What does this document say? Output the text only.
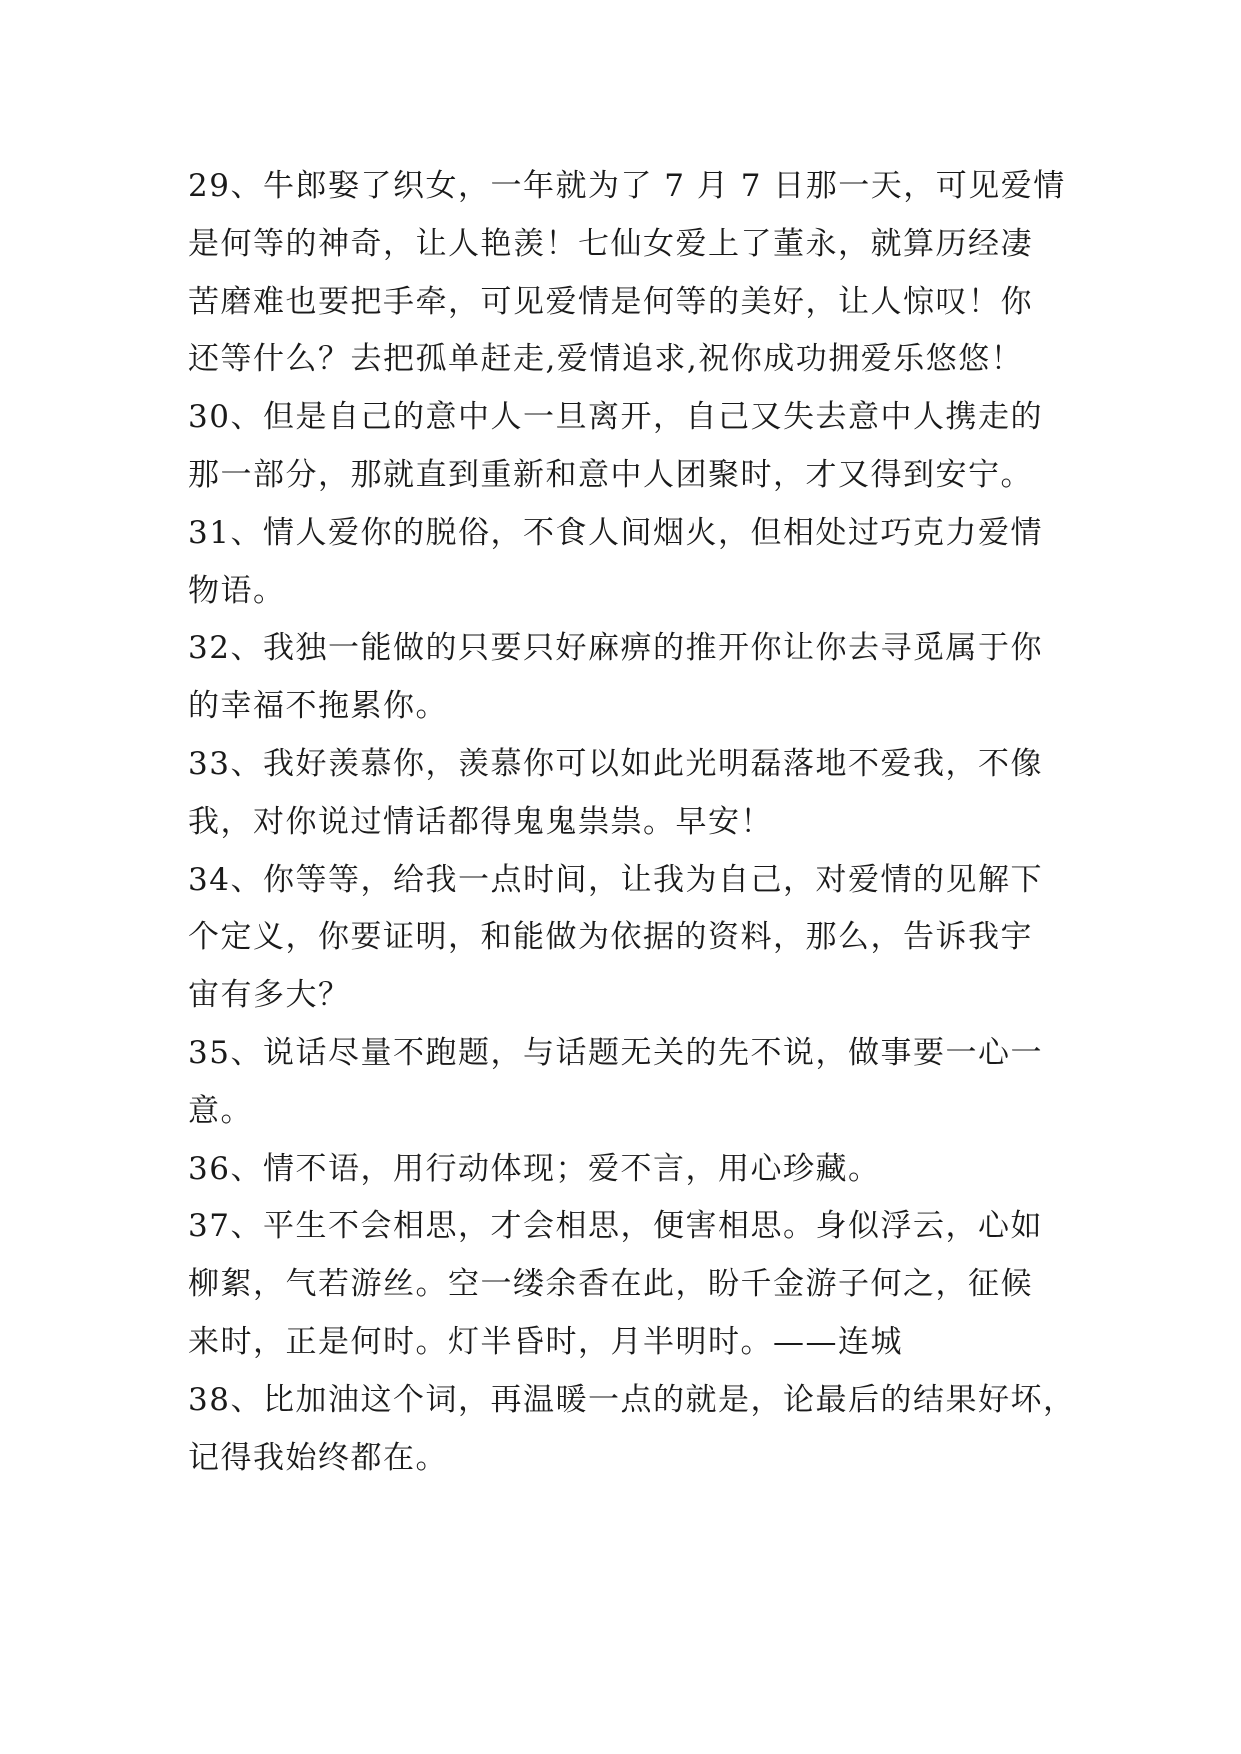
29、牛郎娶了织女，一年就为了 7 月 7 日那一天，可见爱情
是何等的神奇，让人艳羡！七仙女爱上了董永，就算历经凄
苦磨难也要把手牵，可见爱情是何等的美好，让人惊叹！你
还等什么？去把孤单赶走,爱情追求,祝你成功拥爱乐悠悠！
30、但是自己的意中人一旦离开，自己又失去意中人携走的
那一部分，那就直到重新和意中人团聚时，才又得到安宁。
31、情人爱你的脱俗，不食人间烟火，但相处过巧克力爱情
物语。
32、我独一能做的只要只好麻痹的推开你让你去寻觅属于你
的幸福不拖累你。
33、我好羡慕你，羡慕你可以如此光明磊落地不爱我，不像
我，对你说过情话都得鬼鬼祟祟。早安！
34、你等等，给我一点时间，让我为自己，对爱情的见解下
个定义，你要证明，和能做为依据的资料，那么，告诉我宇
宙有多大？
35、说话尽量不跑题，与话题无关的先不说，做事要一心一
意。
36、情不语，用行动体现；爱不言，用心珍藏。
37、平生不会相思，才会相思，便害相思。身似浮云，心如
柳絮，气若游丝。空一缕余香在此，盼千金游子何之，征候
来时，正是何时。灯半昏时，月半明时。——连城
38、比加油这个词，再温暖一点的就是，论最后的结果好坏，
记得我始终都在。
